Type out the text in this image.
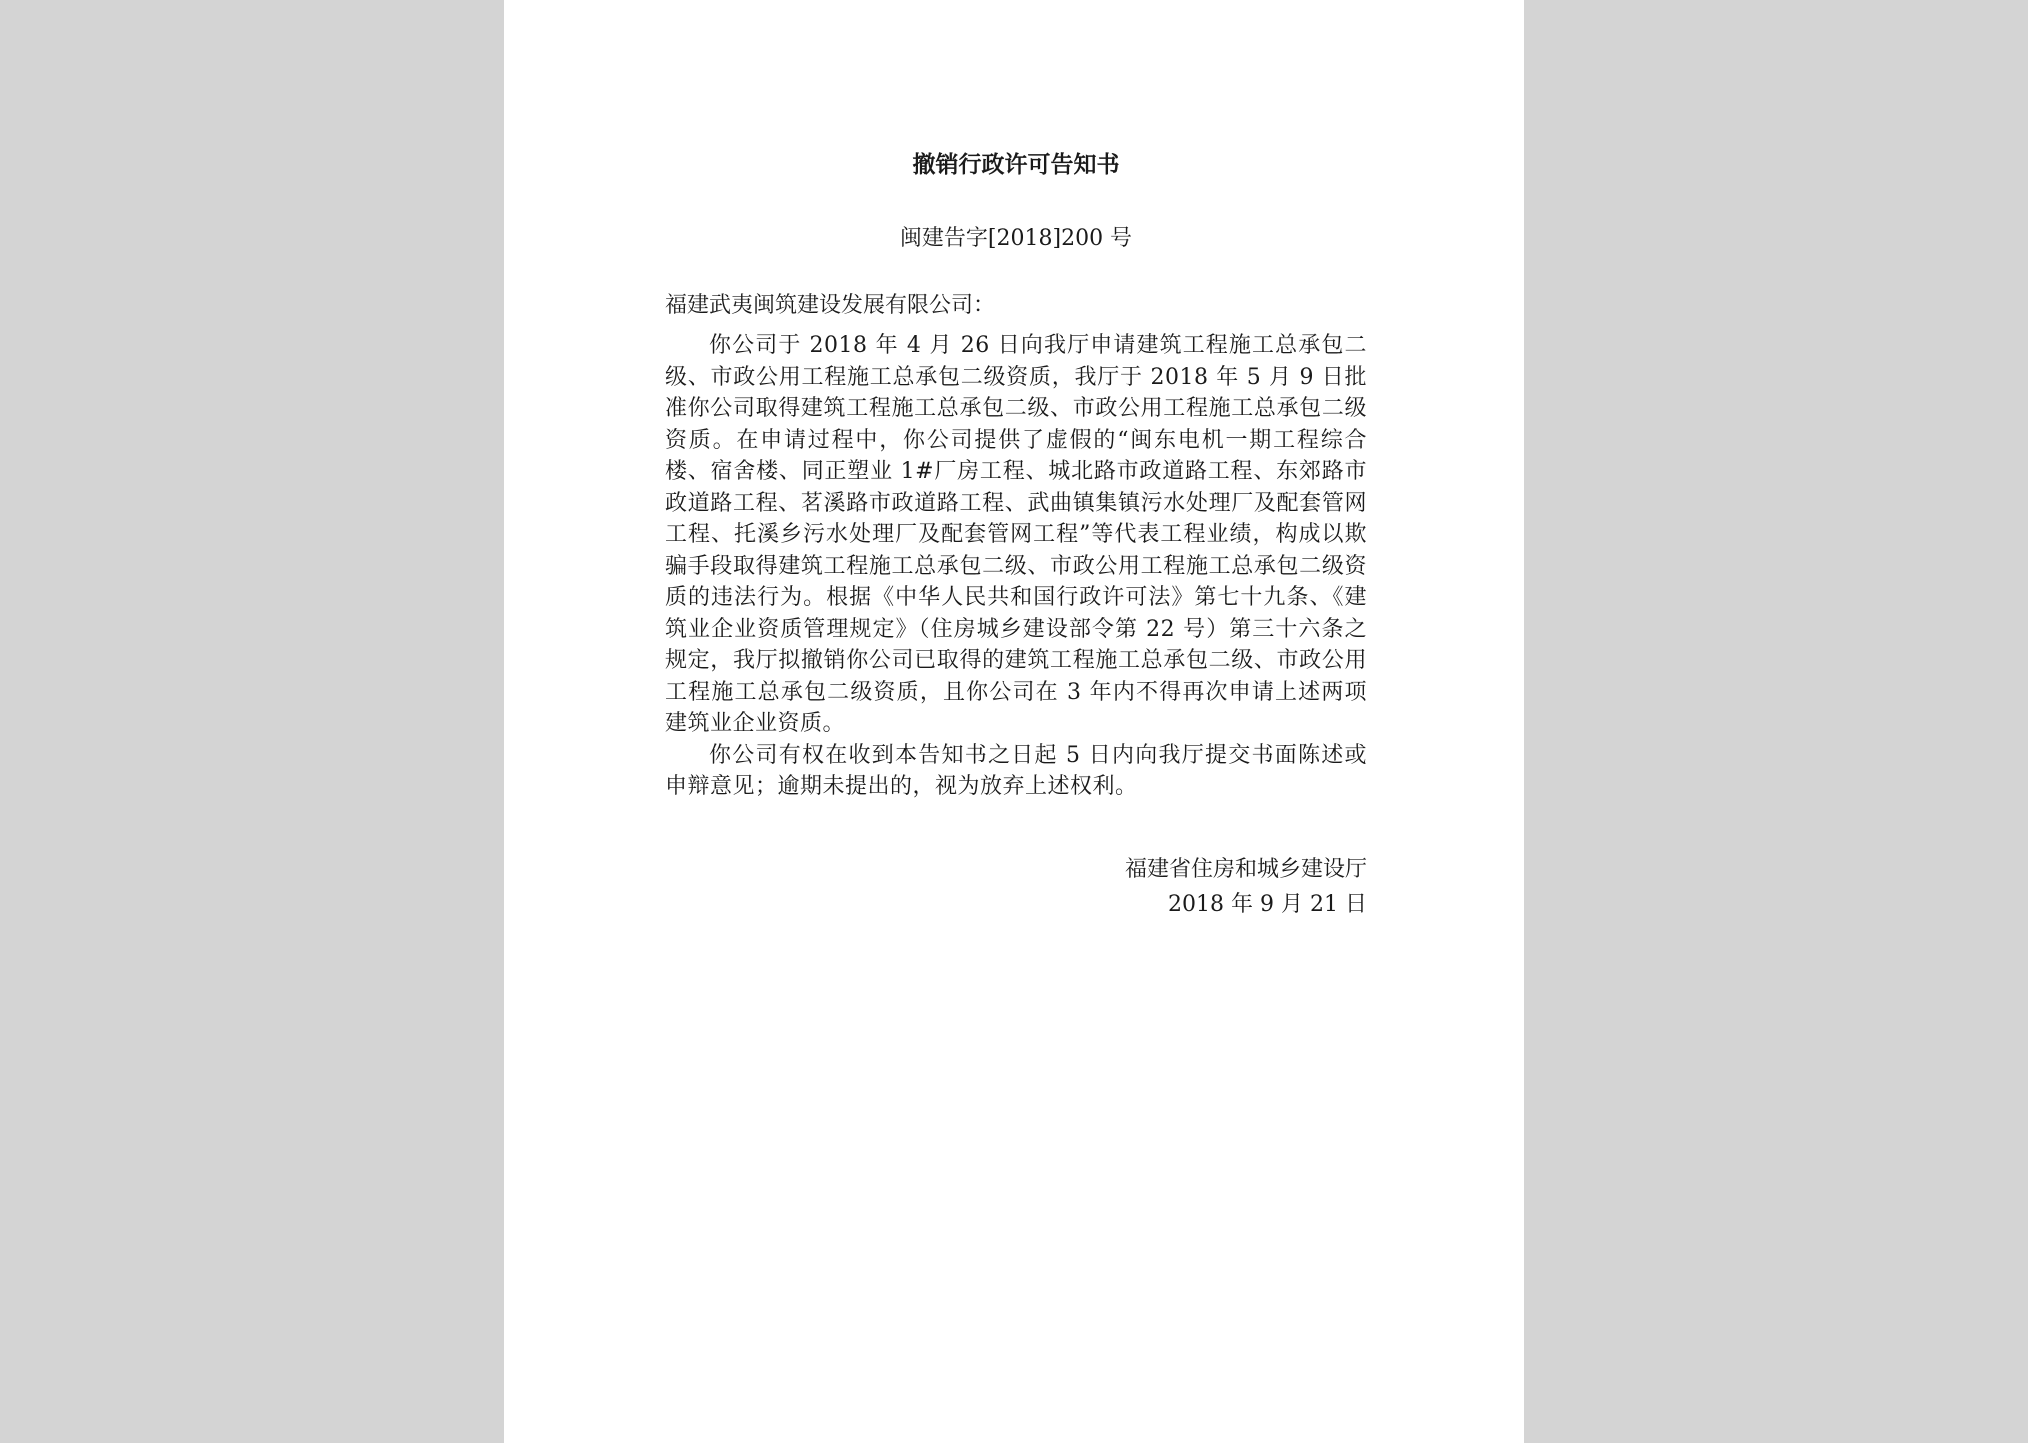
撤销行政许可告知书

闽建告字[2018]200 号

福建武夷闽筑建设发展有限公司：

你公司于 2018 年 4 月 26 日向我厅申请建筑工程施工总承包二级、市政公用工程施工总承包二级资质，我厅于 2018 年 5 月 9 日批准你公司取得建筑工程施工总承包二级、市政公用工程施工总承包二级资质。在申请过程中，你公司提供了虚假的“闽东电机一期工程综合楼、宿舍楼、同正塑业 1#厂房工程、城北路市政道路工程、东郊路市政道路工程、茗溪路市政道路工程、武曲镇集镇污水处理厂及配套管网工程、托溪乡污水处理厂及配套管网工程”等代表工程业绩，构成以欺骗手段取得建筑工程施工总承包二级、市政公用工程施工总承包二级资质的违法行为。根据《中华人民共和国行政许可法》第七十九条、《建筑业企业资质管理规定》（住房城乡建设部令第 22 号）第三十六条之规定，我厅拟撤销你公司已取得的建筑工程施工总承包二级、市政公用工程施工总承包二级资质，且你公司在 3 年内不得再次申请上述两项建筑业企业资质。

你公司有权在收到本告知书之日起 5 日内向我厅提交书面陈述或申辩意见；逾期未提出的，视为放弃上述权利。

福建省住房和城乡建设厅
2018 年 9 月 21 日
